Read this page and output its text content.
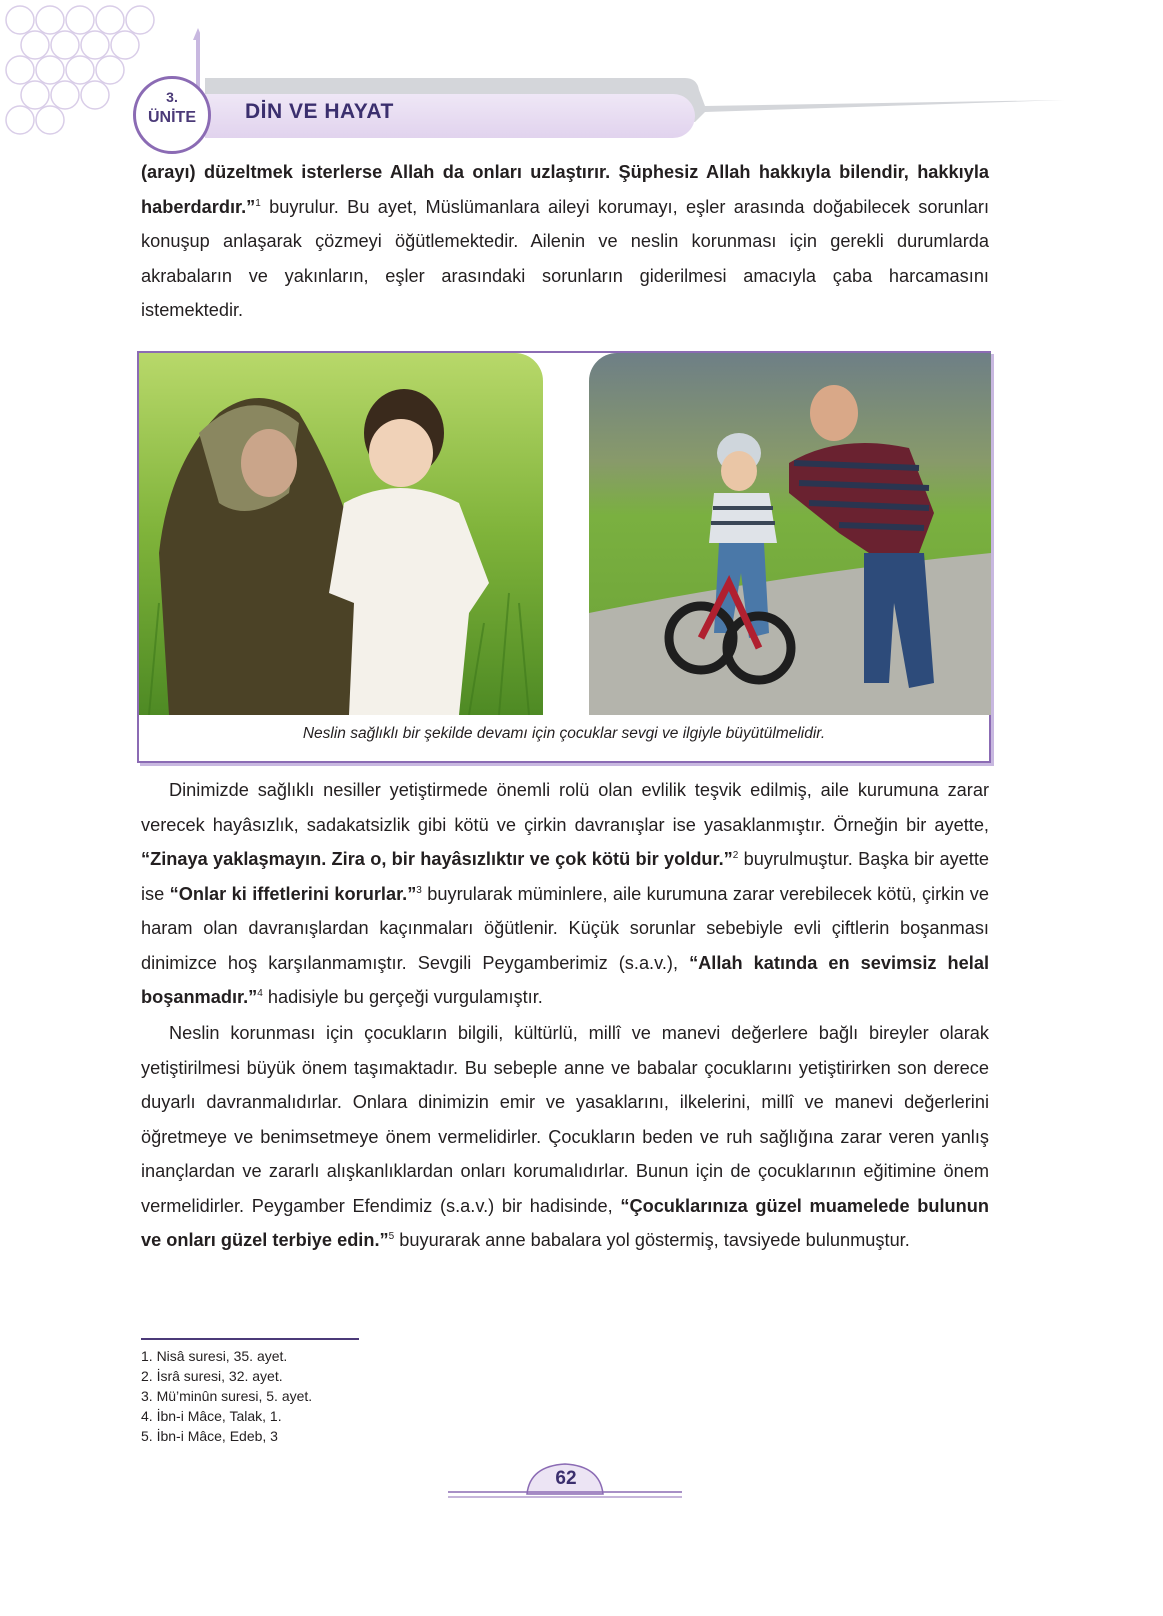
3.
ÜNİTE	DİN VE HAYAT

(arayı) düzeltmek isterlerse Allah da onları uzlaştırır. Şüphesiz Allah hakkıyla bilendir, hakkıyla haberdardır.”$^1$ buyrulur. Bu ayet, Müslümanlara aileyi korumayı, eşler arasında doğabilecek sorunları konuşup anlaşarak çözmeyi öğütlemektedir. Ailenin ve neslin korunması için gerekli durumlarda akrabaların ve yakınların, eşler arasındaki sorunların giderilmesi amacıyla çaba harcamasını istemektedir.

Neslin sağlıklı bir şekilde devamı için çocuklar sevgi ve ilgiyle büyütülmelidir.

Dinimizde sağlıklı nesiller yetiştirmede önemli rolü olan evlilik teşvik edilmiş, aile kurumuna zarar verecek hayâsızlık, sadakatsizlik gibi kötü ve çirkin davranışlar ise yasaklanmıştır. Örneğin bir ayette, “Zinaya yaklaşmayın. Zira o, bir hayâsızlıktır ve çok kötü bir yoldur.”$^2$ buyrulmuştur. Başka bir ayette ise “Onlar ki iffetlerini korurlar.”$^3$ buyrularak müminlere, aile kurumuna zarar verebilecek kötü, çirkin ve haram olan davranışlardan kaçınmaları öğütlenir. Küçük sorunlar sebebiyle evli çiftlerin boşanması dinimizce hoş karşılanmamıştır. Sevgili Peygamberimiz (s.a.v.), “Allah katında en sevimsiz helal boşanmadır.”$^4$ hadisiyle bu gerçeği vurgulamıştır.

Neslin korunması için çocukların bilgili, kültürlü, millî ve manevi değerlere bağlı bireyler olarak yetiştirilmesi büyük önem taşımaktadır. Bu sebeple anne ve babalar çocuklarını yetiştirirken son derece duyarlı davranmalıdırlar. Onlara dinimizin emir ve yasaklarını, ilkelerini, millî ve manevi değerlerini öğretmeye ve benimsetmeye önem vermelidirler. Çocukların beden ve ruh sağlığına zarar veren yanlış inançlardan ve zararlı alışkanlıklardan onları korumalıdırlar. Bunun için de çocuklarının eğitimine önem vermelidirler. Peygamber Efendimiz (s.a.v.) bir hadisinde, “Çocuklarınıza güzel muamelede bulunun ve onları güzel terbiye edin.”$^5$ buyurarak anne babalara yol göstermiş, tavsiyede bulunmuştur.

1. Nisâ suresi, 35. ayet.
2. İsrâ suresi, 32. ayet.
3. Mü’minûn suresi, 5. ayet.
4. İbn-i Mâce, Talak, 1.
5. İbn-i Mâce, Edeb, 3
62
